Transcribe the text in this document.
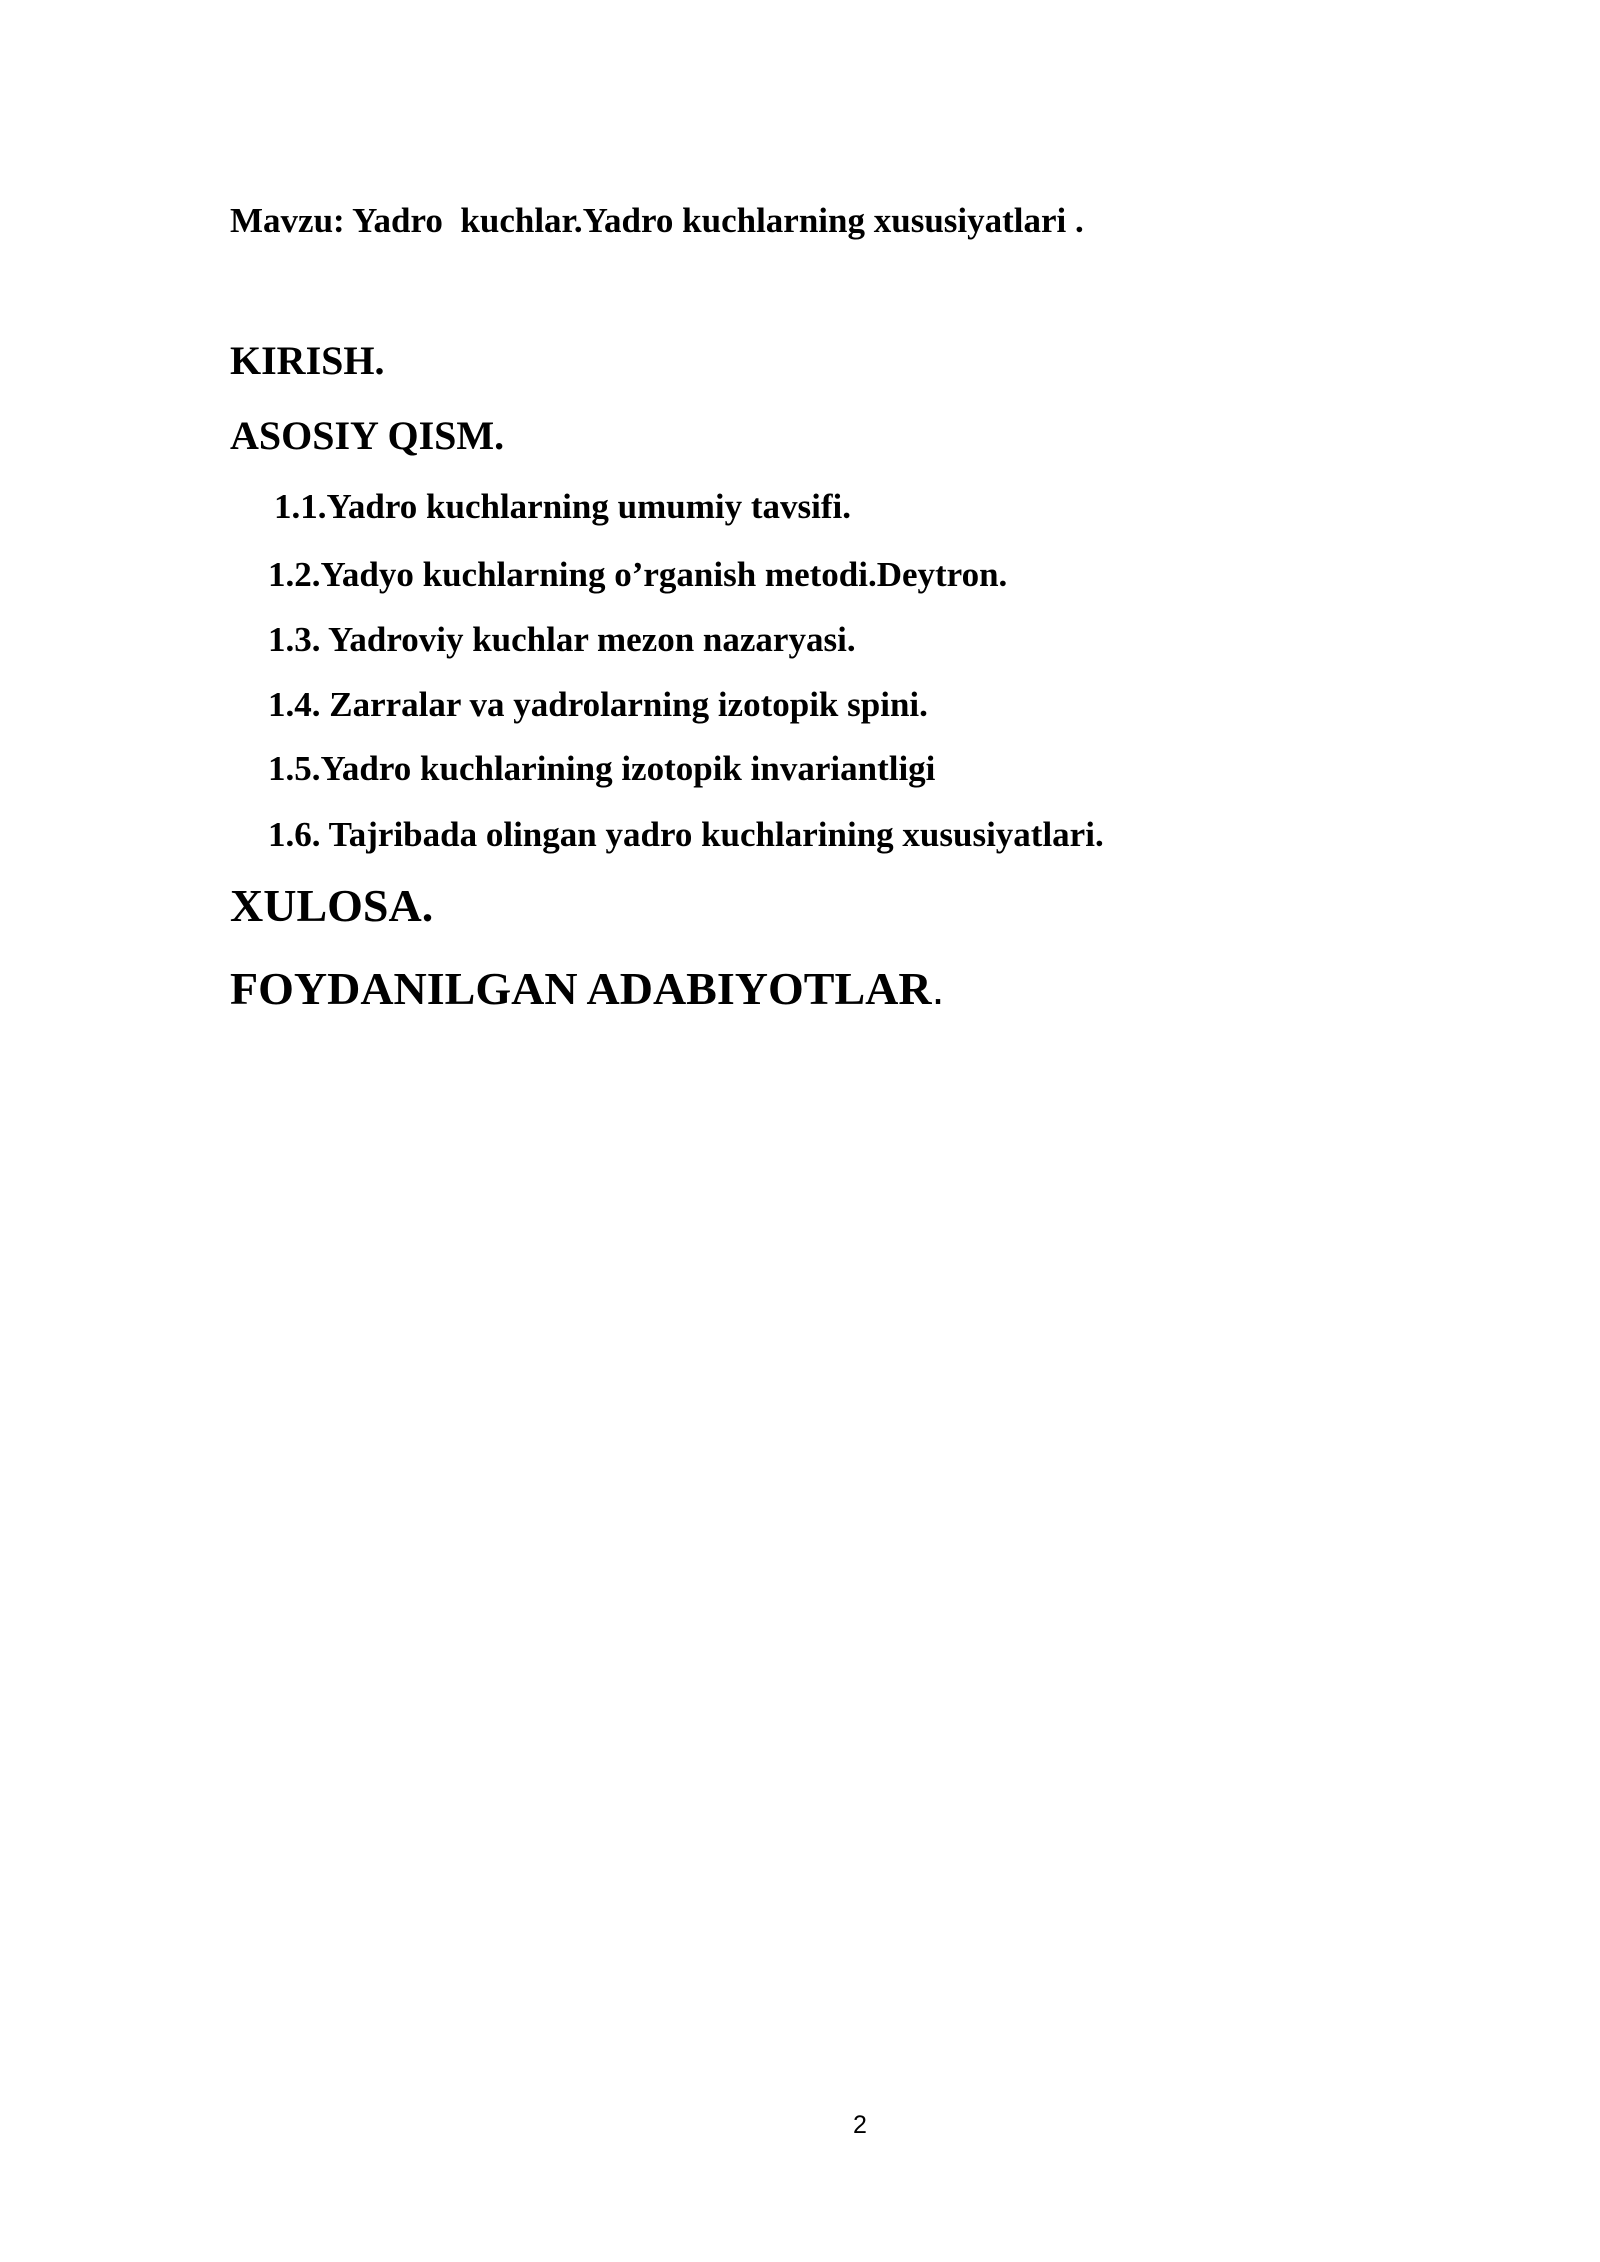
Mavzu: Yadro  kuchlar.Yadro kuchlarning xususiyatlari .
KIRISH.
ASOSIY QISM.
1.1.Yadro kuchlarning umumiy tavsifi.
1.2.Yadyo kuchlarning o’rganish metodi.Deytron.
1.3. Yadroviy kuchlar mezon nazaryasi.
1.4. Zarralar va yadrolarning izotopik spini.
1.5.Yadro kuchlarining izotopik invariantligi
1.6. Tajribada olingan yadro kuchlarining xususiyatlari.
XULOSA.
FOYDANILGAN ADABIYOTLAR.
2
